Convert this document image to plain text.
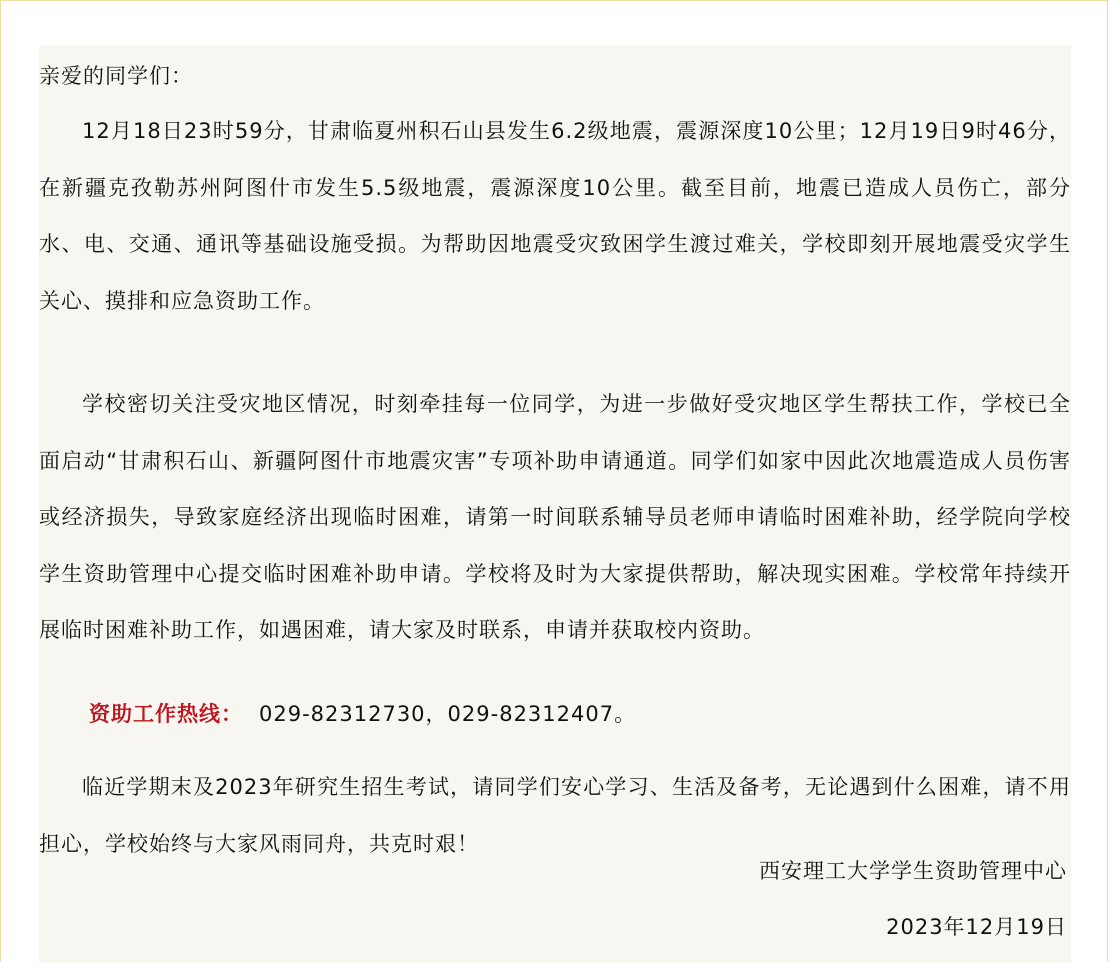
亲爱的同学们：

12月18日23时59分，甘肃临夏州积石山县发生6.2级地震，震源深度10公里；12月19日9时46分，在新疆克孜勒苏州阿图什市发生5.5级地震，震源深度10公里。截至目前，地震已造成人员伤亡，部分水、电、交通、通讯等基础设施受损。为帮助因地震受灾致困学生渡过难关，学校即刻开展地震受灾学生关心、摸排和应急资助工作。

学校密切关注受灾地区情况，时刻牵挂每一位同学，为进一步做好受灾地区学生帮扶工作，学校已全面启动“甘肃积石山、新疆阿图什市地震灾害”专项补助申请通道。同学们如家中因此次地震造成人员伤害或经济损失，导致家庭经济出现临时困难，请第一时间联系辅导员老师申请临时困难补助，经学院向学校学生资助管理中心提交临时困难补助申请。学校将及时为大家提供帮助，解决现实困难。学校常年持续开展临时困难补助工作，如遇困难，请大家及时联系，申请并获取校内资助。

资助工作热线： 029-82312730，029-82312407。

临近学期末及2023年研究生招生考试，请同学们安心学习、生活及备考，无论遇到什么困难，请不用担心，学校始终与大家风雨同舟，共克时艰！

西安理工大学学生资助管理中心
2023年12月19日
